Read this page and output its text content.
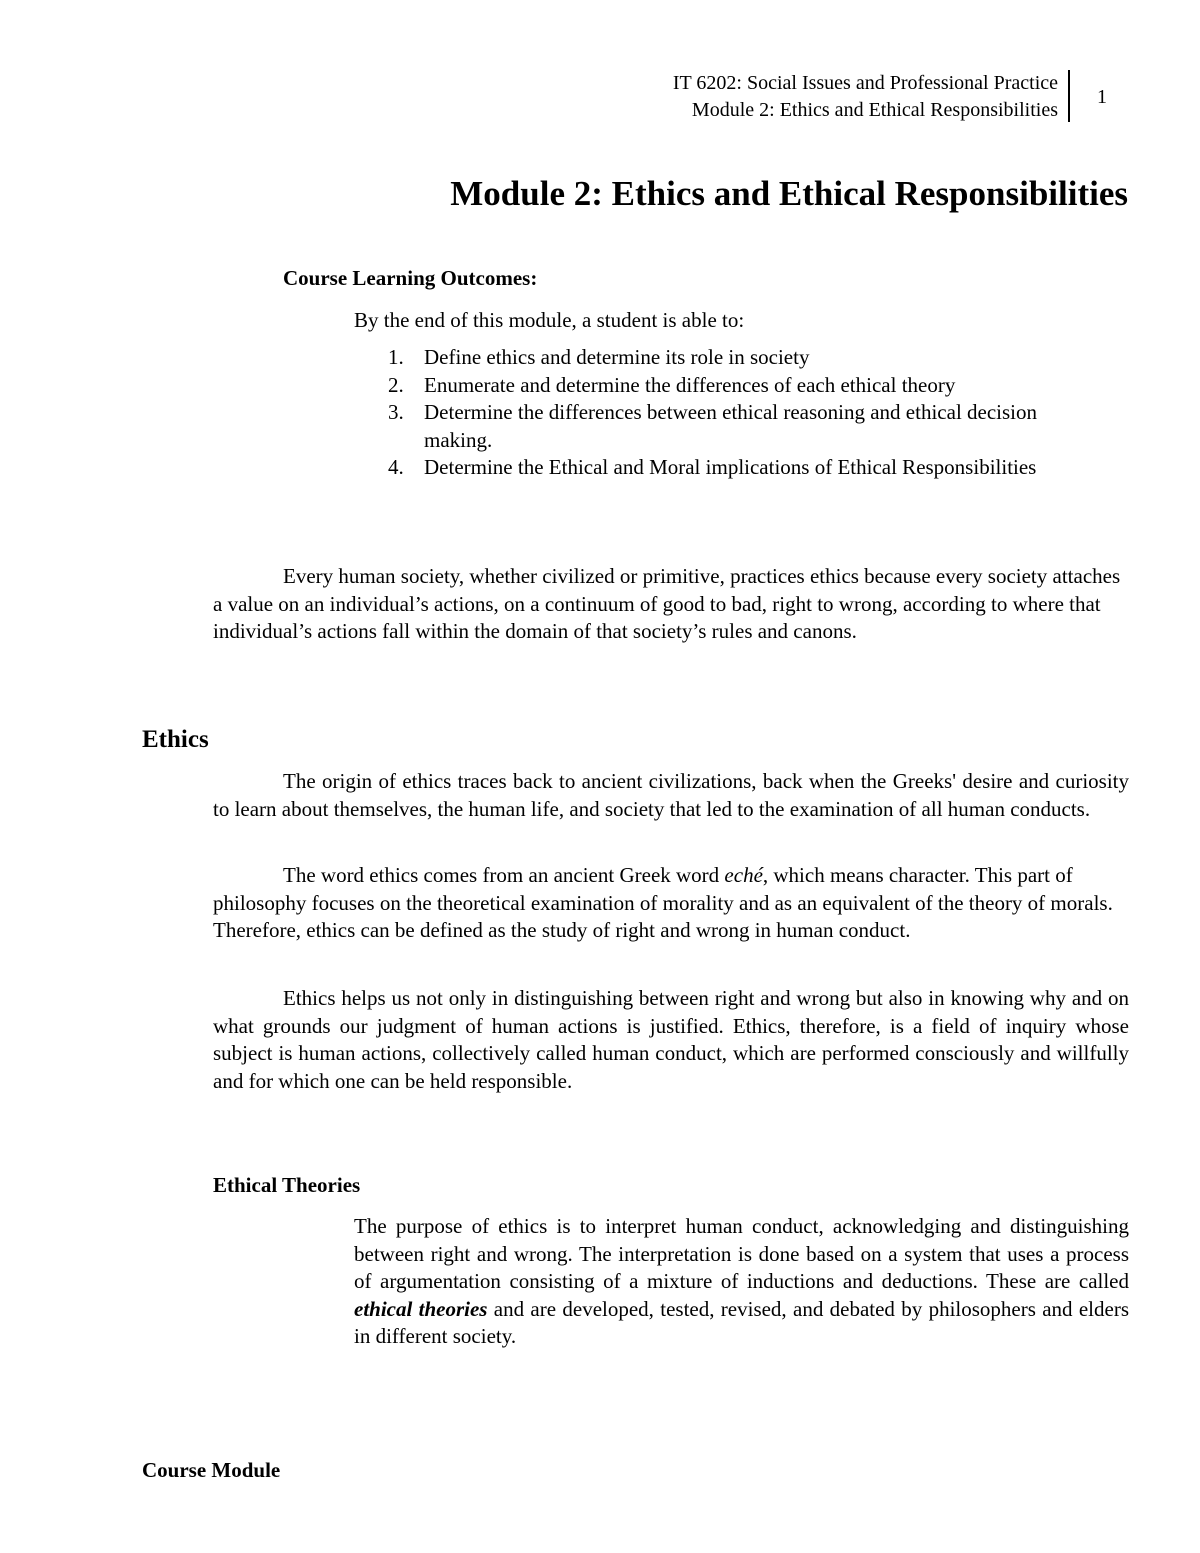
IT 6202: Social Issues and Professional Practice
Module 2: Ethics and Ethical Responsibilities
1
Module 2: Ethics and Ethical Responsibilities
Course Learning Outcomes:
By the end of this module, a student is able to:
1. Define ethics and determine its role in society
2. Enumerate and determine the differences of each ethical theory
3. Determine the differences between ethical reasoning and ethical decision making.
4. Determine the Ethical and Moral implications of Ethical Responsibilities

Every human society, whether civilized or primitive, practices ethics because every society attaches a value on an individual’s actions, on a continuum of good to bad, right to wrong, according to where that individual’s actions fall within the domain of that society’s rules and canons.

Ethics

The origin of ethics traces back to ancient civilizations, back when the Greeks' desire and curiosity to learn about themselves, the human life, and society that led to the examination of all human conducts.

The word ethics comes from an ancient Greek word eché, which means character. This part of philosophy focuses on the theoretical examination of morality and as an equivalent of the theory of morals. Therefore, ethics can be defined as the study of right and wrong in human conduct.

Ethics helps us not only in distinguishing between right and wrong but also in knowing why and on what grounds our judgment of human actions is justified. Ethics, therefore, is a field of inquiry whose subject is human actions, collectively called human conduct, which are performed consciously and willfully and for which one can be held responsible.

Ethical Theories

The purpose of ethics is to interpret human conduct, acknowledging and distinguishing between right and wrong. The interpretation is done based on a system that uses a process of argumentation consisting of a mixture of inductions and deductions. These are called ethical theories and are developed, tested, revised, and debated by philosophers and elders in different society.

Course Module
